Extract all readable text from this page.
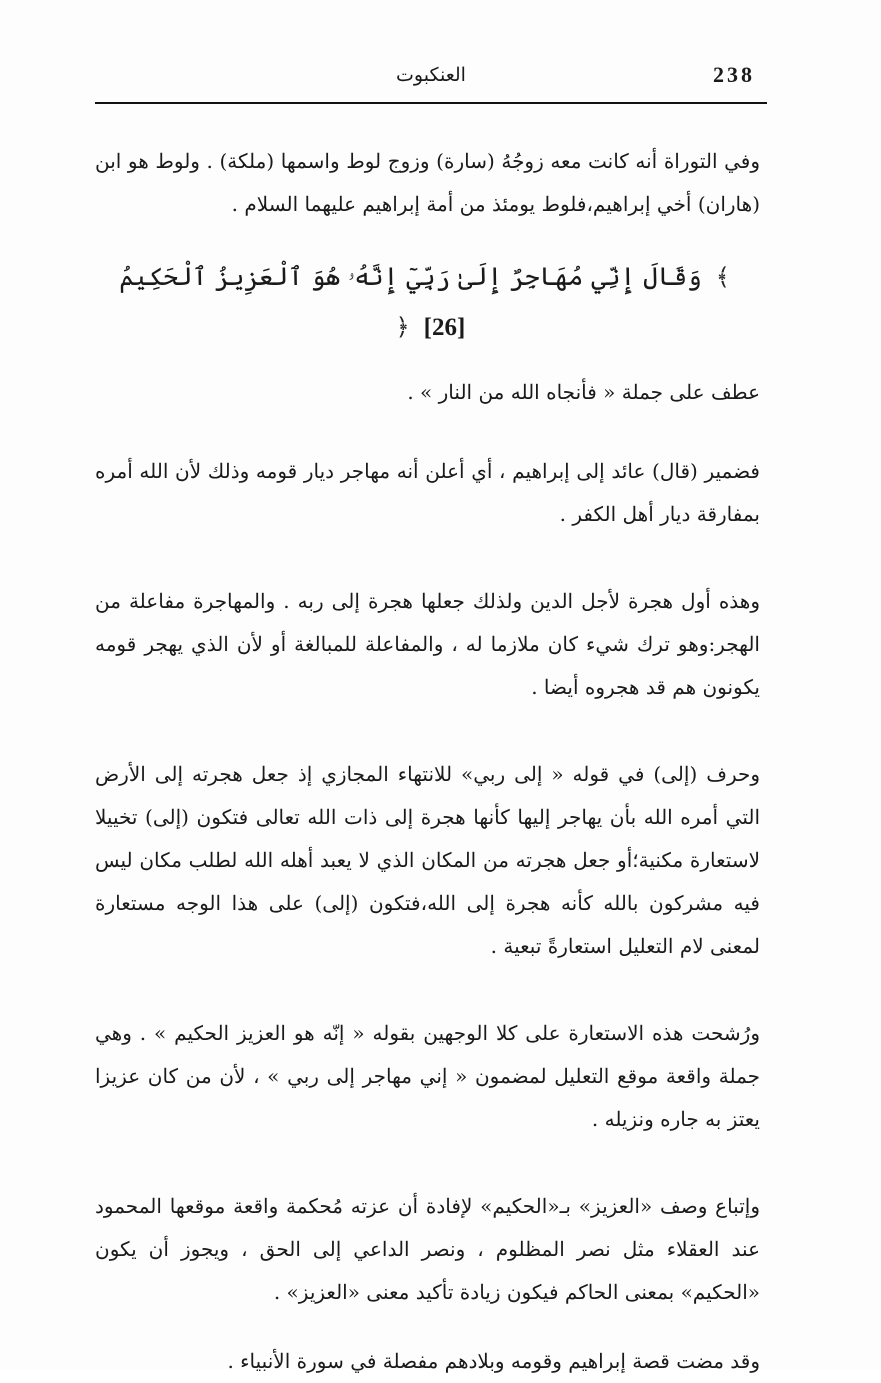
238
العنكبوت

وفي التوراة أنه كانت معه زوجُهُ (سارة) وزوج لوط واسمها (ملكة) . ولوط هو ابن (هاران) أخي إبراهيم،فلوط يومئذ من أمة إبراهيم عليهما السلام .

﴾ وَقَالَ إِنِّي مُهَاجِرٌ إِلَىٰ رَبِّيٓ إِنَّهُۥ هُوَ ٱلْعَزِيزُ ٱلْحَكِيمُ [26] ﴿

عطف على جملة « فأنجاه الله من النار » .

فضمير (قال) عائد إلى إبراهيم ، أي أعلن أنه مهاجر ديار قومه وذلك لأن الله أمره بمفارقة ديار أهل الكفر .

وهذه أول هجرة لأجل الدين ولذلك جعلها هجرة إلى ربه . والمهاجرة مفاعلة من الهجر:وهو ترك شيء كان ملازما له ، والمفاعلة للمبالغة أو لأن الذي يهجر قومه يكونون هم قد هجروه أيضا .

وحرف (إلى) في قوله « إلى ربي» للانتهاء المجازي إذ جعل هجرته إلى الأرض التي أمره الله بأن يهاجر إليها كأنها هجرة إلى ذات الله تعالى فتكون (إلى) تخييلا لاستعارة مكنية؛أو جعل هجرته من المكان الذي لا يعبد أهله الله لطلب مكان ليس فيه مشركون بالله كأنه هجرة إلى الله،فتكون (إلى) على هذا الوجه مستعارة لمعنى لام التعليل استعارةً تبعية .

ورُشحت هذه الاستعارة على كلا الوجهين بقوله « إنّه هو العزيز الحكيم » . وهي جملة واقعة موقع التعليل لمضمون « إني مهاجر إلى ربي » ، لأن من كان عزيزا يعتز به جاره ونزيله .

وإتباع وصف «العزيز» بـ«الحكيم» لإفادة أن عزته مُحكمة واقعة موقعها المحمود عند العقلاء مثل نصر المظلوم ، ونصر الداعي إلى الحق ، ويجوز أن يكون «الحكيم» بمعنى الحاكم فيكون زيادة تأكيد معنى «العزيز» .

وقد مضت قصة إبراهيم وقومه وبلادهم مفصلة في سورة الأنبياء .
